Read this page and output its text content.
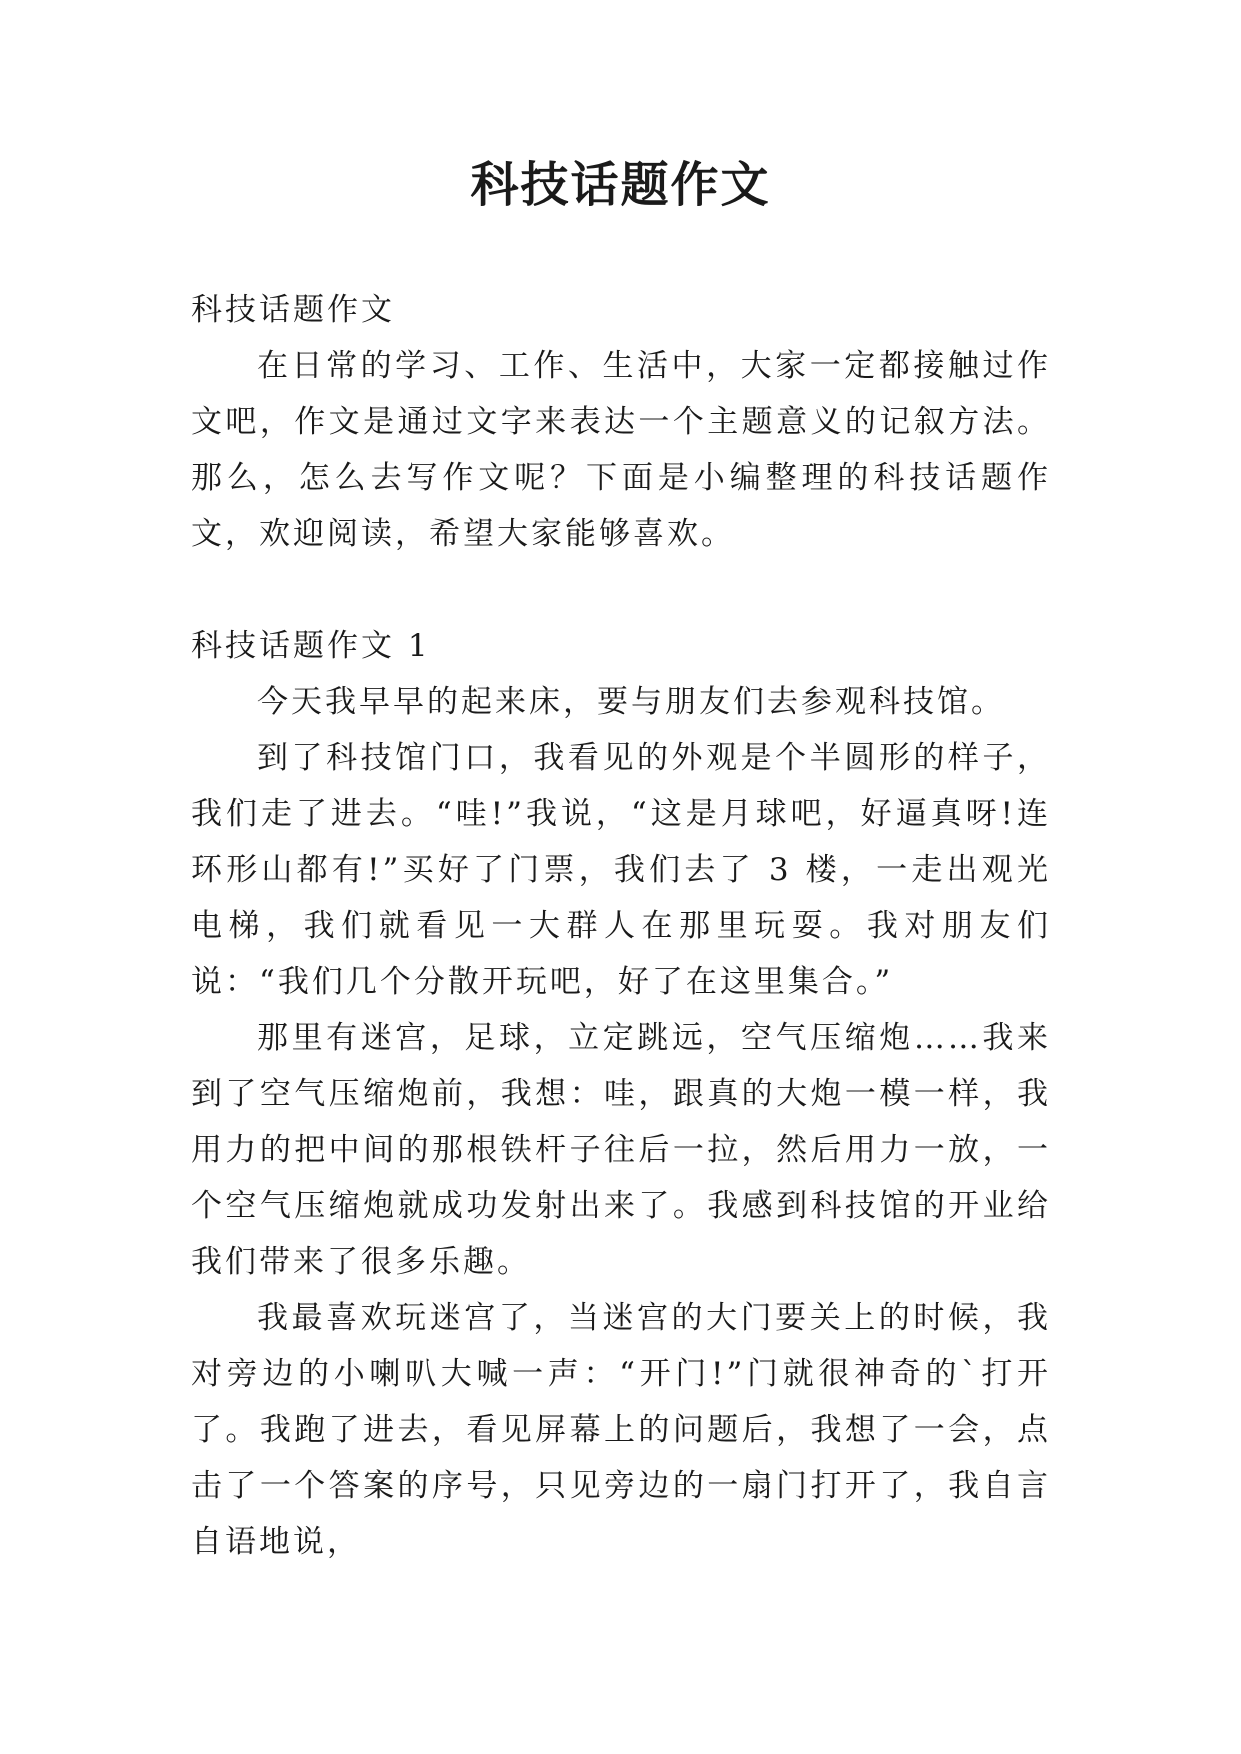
科技话题作文

科技话题作文

在日常的学习、工作、生活中，大家一定都接触过作文吧，作文是通过文字来表达一个主题意义的记叙方法。那么，怎么去写作文呢？下面是小编整理的科技话题作文，欢迎阅读，希望大家能够喜欢。

科技话题作文 1

今天我早早的起来床，要与朋友们去参观科技馆。

到了科技馆门口，我看见的外观是个半圆形的样子，我们走了进去。“哇!”我说，“这是月球吧，好逼真呀!连环形山都有!”买好了门票，我们去了 3 楼，一走出观光电梯，我们就看见一大群人在那里玩耍。我对朋友们说：“我们几个分散开玩吧，好了在这里集合。”

那里有迷宫，足球，立定跳远，空气压缩炮……我来到了空气压缩炮前，我想：哇，跟真的大炮一模一样，我用力的把中间的那根铁杆子往后一拉，然后用力一放，一个空气压缩炮就成功发射出来了。我感到科技馆的开业给我们带来了很多乐趣。

我最喜欢玩迷宫了，当迷宫的大门要关上的时候，我对旁边的小喇叭大喊一声：“开门!”门就很神奇的`打开了。我跑了进去，看见屏幕上的问题后，我想了一会，点击了一个答案的序号，只见旁边的一扇门打开了，我自言自语地说，
